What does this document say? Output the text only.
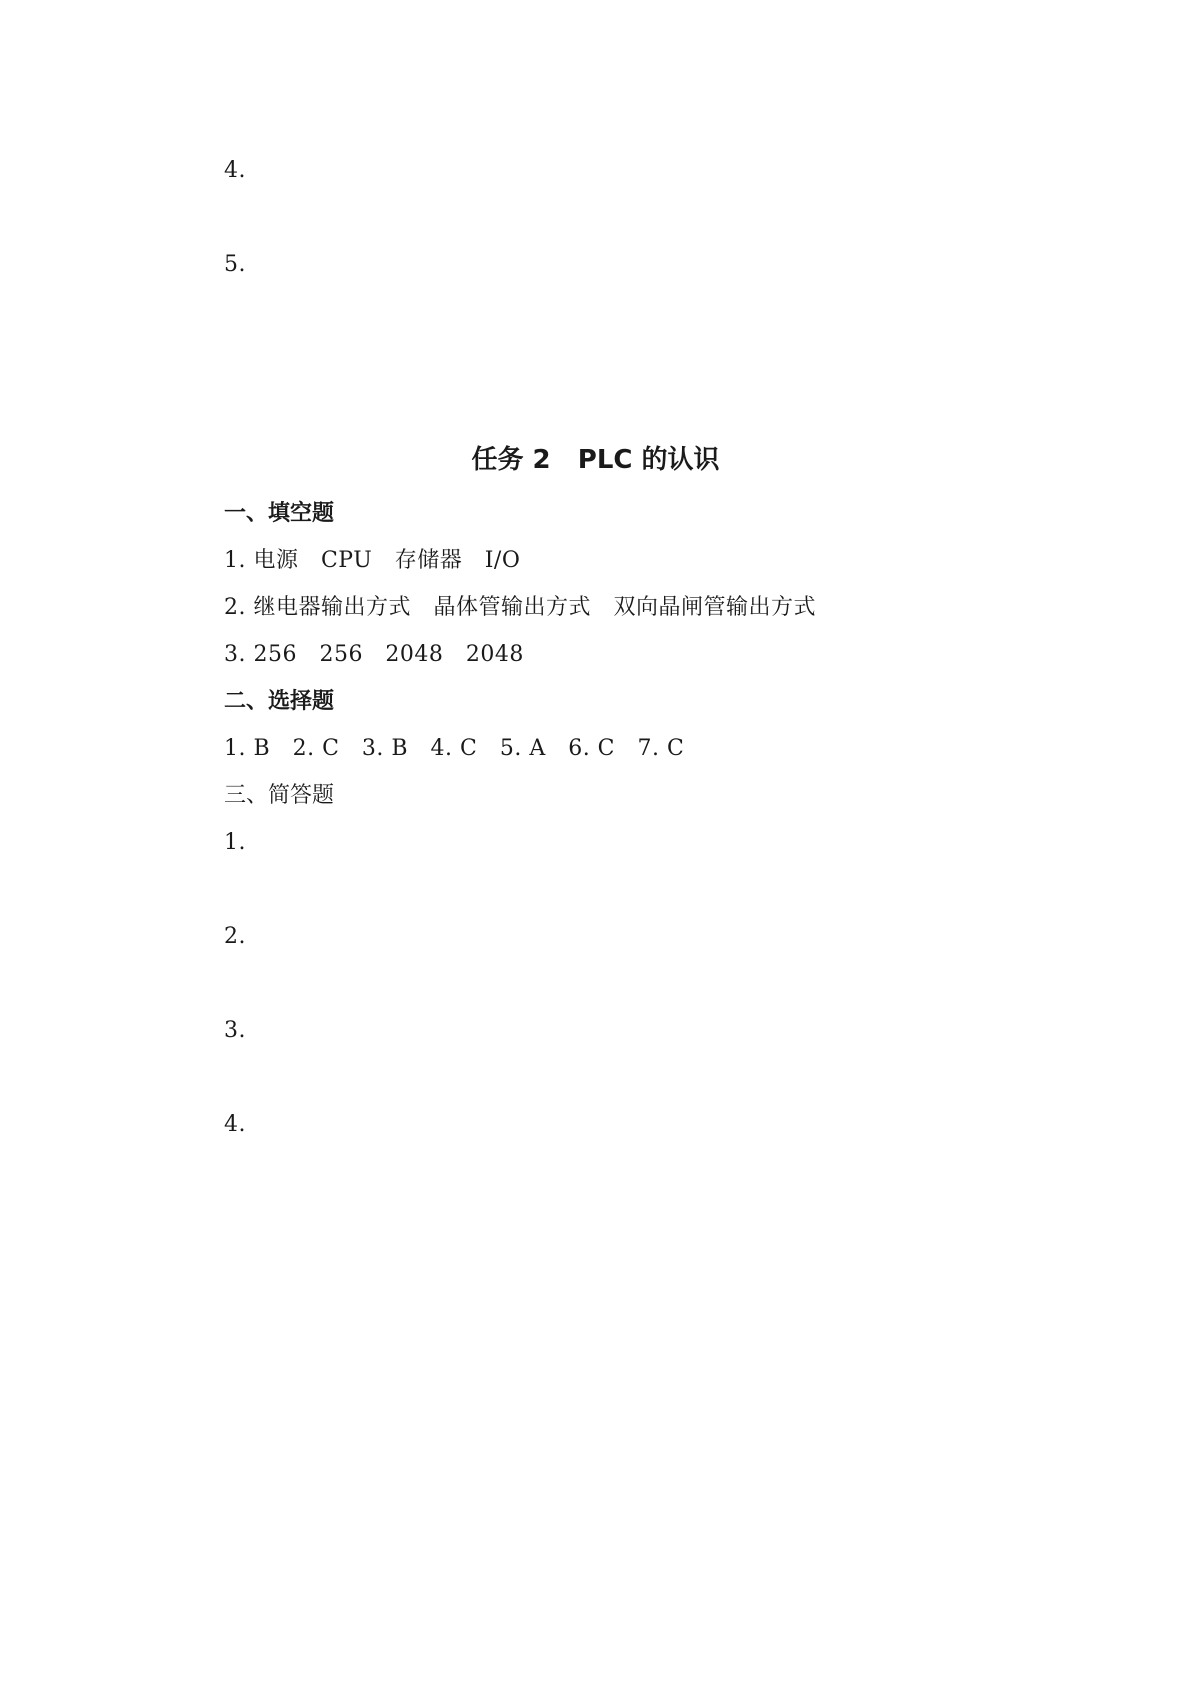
4.
5.
任务 2   PLC 的认识
一、填空题
1. 电源   CPU   存储器   I/O
2. 继电器输出方式   晶体管输出方式   双向晶闸管输出方式
3. 256   256   2048   2048
二、选择题
1. B   2. C   3. B   4. C   5. A   6. C   7. C
三、简答题
1.
2.
3.
4.
